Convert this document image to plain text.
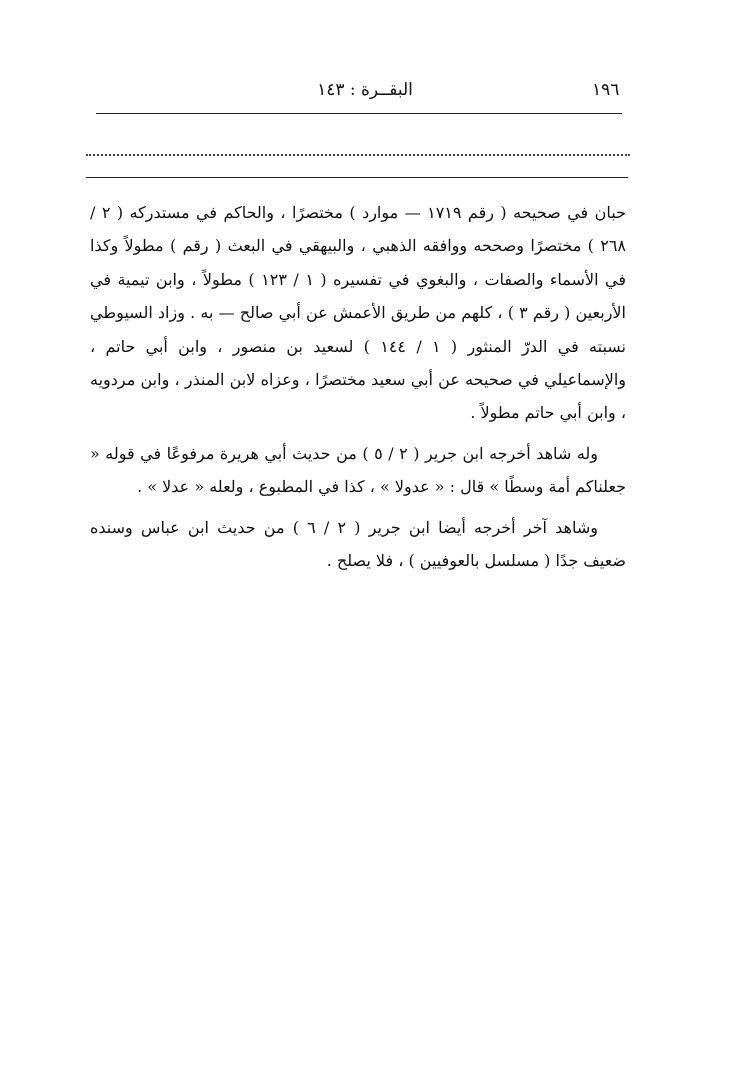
١٩٦
البقــرة : ١٤٣

حبان في صحيحه ( رقم ١٧١٩ — موارد ) مختصرًا ، والحاكم في مستدركه ( ٢ / ٢٦٨ ) مختصرًا وصححه ووافقه الذهبي ، والبيهقي في البعث ( رقم ) مطولاً وكذا في الأسماء والصفات ، والبغوي في تفسيره ( ١ / ١٢٣ ) مطولاً ، وابن تيمية في الأربعين ( رقم ٣ ) ، كلهم من طريق الأعمش عن أبي صالح — به . وزاد السيوطي نسبته في الدرّ المنثور ( ١ / ١٤٤ ) لسعيد بن منصور ، وابن أبي حاتم ، والإسماعيلي في صحيحه عن أبي سعيد مختصرًا ، وعزاه لابن المنذر ، وابن مردويه ، وابن أبي حاتم مطولاً .

وله شاهد أخرجه ابن جرير ( ٢ / ٥ ) من حديث أبي هريرة مرفوعًا في قوله « جعلناكم أمة وسطًا » قال : « عدولا » ، كذا في المطبوع ، ولعله « عدلا » .

وشاهد آخر أخرجه أيضا ابن جرير ( ٢ / ٦ ) من حديث ابن عباس وسنده ضعيف جدًا ( مسلسل بالعوفيين ) ، فلا يصلح .
